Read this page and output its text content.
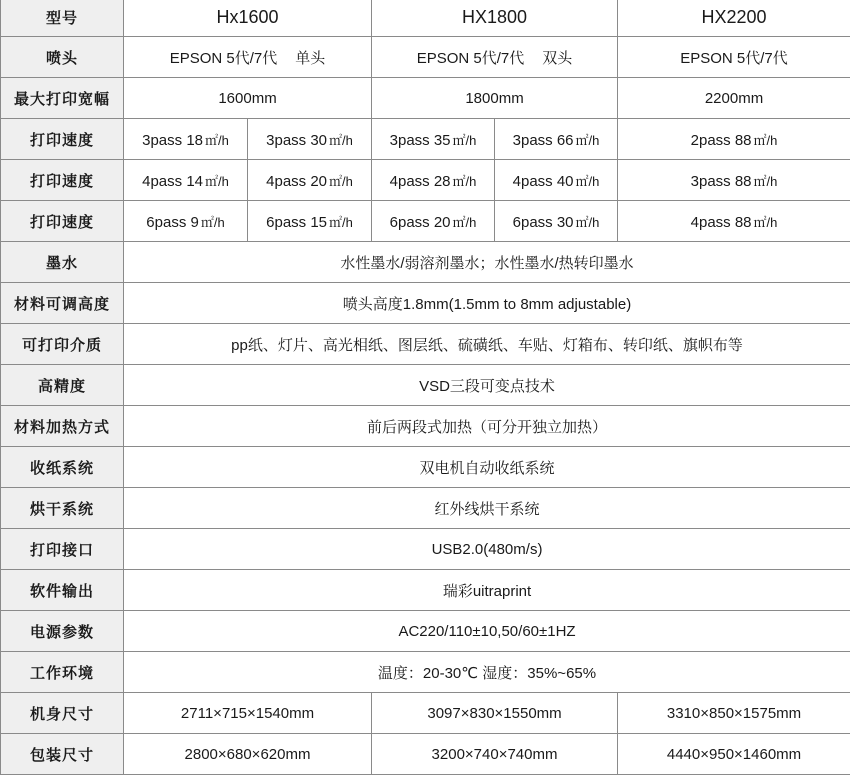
型号	Hx1600		HX1800		HX2200
喷头	EPSON 5代/7代 单头		EPSON 5代/7代 双头		EPSON 5代/7代
最大打印宽幅	1600mm		1800mm		2200mm
打印速度	3pass 18 ㎡/h	3pass 30 ㎡/h	3pass 35 ㎡/h	3pass 66 ㎡/h	2pass 88 ㎡/h
打印速度	4pass 14 ㎡/h	4pass 20 ㎡/h	4pass 28 ㎡/h	4pass 40 ㎡/h	3pass 88 ㎡/h
打印速度	6pass 9 ㎡/h	6pass 15 ㎡/h	6pass 20 ㎡/h	6pass 30 ㎡/h	4pass 88 ㎡/h
墨水	水性墨水/弱溶剂墨水；水性墨水/热转印墨水				
材料可调高度	喷头高度1.8mm(1.5mm to 8mm adjustable)				
可打印介质	pp纸、灯片、高光相纸、图层纸、硫磺纸、车贴、灯箱布、转印纸、旗帜布等				
高精度	VSD三段可变点技术				
材料加热方式	前后两段式加热（可分开独立加热）				
收纸系统	双电机自动收纸系统				
烘干系统	红外线烘干系统				
打印接口	USB2.0(480m/s)				
软件输出	瑞彩uitraprint				
电源参数	AC220/110±10,50/60±1HZ				
工作环境	温度：20-30℃ 湿度：35%~65%				
机身尺寸	2711×715×1540mm		3097×830×1550mm		3310×850×1575mm
包装尺寸	2800×680×620mm		3200×740×740mm		4440×950×1460mm
